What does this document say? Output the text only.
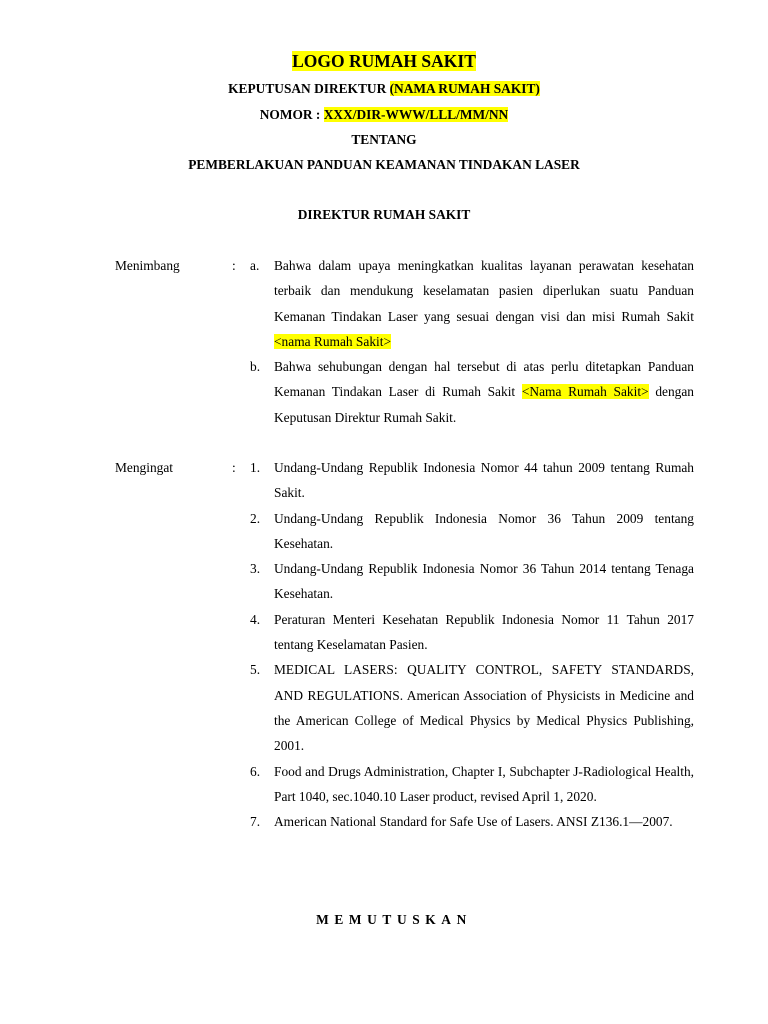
LOGO RUMAH SAKIT
KEPUTUSAN DIREKTUR (NAMA RUMAH SAKIT)
NOMOR : XXX/DIR-WWW/LLL/MM/NN
TENTANG
PEMBERLAKUAN PANDUAN KEAMANAN TINDAKAN LASER
DIREKTUR RUMAH SAKIT
Menimbang	: a. Bahwa dalam upaya meningkatkan kualitas layanan perawatan kesehatan terbaik dan mendukung keselamatan pasien diperlukan suatu Panduan Kemanan Tindakan Laser yang sesuai dengan visi dan misi Rumah Sakit <nama Rumah Sakit>
b. Bahwa sehubungan dengan hal tersebut di atas perlu ditetapkan Panduan Kemanan Tindakan Laser di Rumah Sakit <Nama Rumah Sakit> dengan Keputusan Direktur Rumah Sakit.
Mengingat	: 1. Undang-Undang Republik Indonesia Nomor 44 tahun 2009 tentang Rumah Sakit.
2. Undang-Undang Republik Indonesia Nomor 36 Tahun 2009 tentang Kesehatan.
3. Undang-Undang Republik Indonesia Nomor 36 Tahun 2014 tentang Tenaga Kesehatan.
4. Peraturan Menteri Kesehatan Republik Indonesia Nomor 11 Tahun 2017 tentang Keselamatan Pasien.
5. MEDICAL LASERS: QUALITY CONTROL, SAFETY STANDARDS, AND REGULATIONS. American Association of Physicists in Medicine and the American College of Medical Physics by Medical Physics Publishing, 2001.
6. Food and Drugs Administration, Chapter I, Subchapter J-Radiological Health, Part 1040, sec.1040.10 Laser product, revised April 1, 2020.
7. American National Standard for Safe Use of Lasers. ANSI Z136.1—2007.
MEMUTUSKAN
